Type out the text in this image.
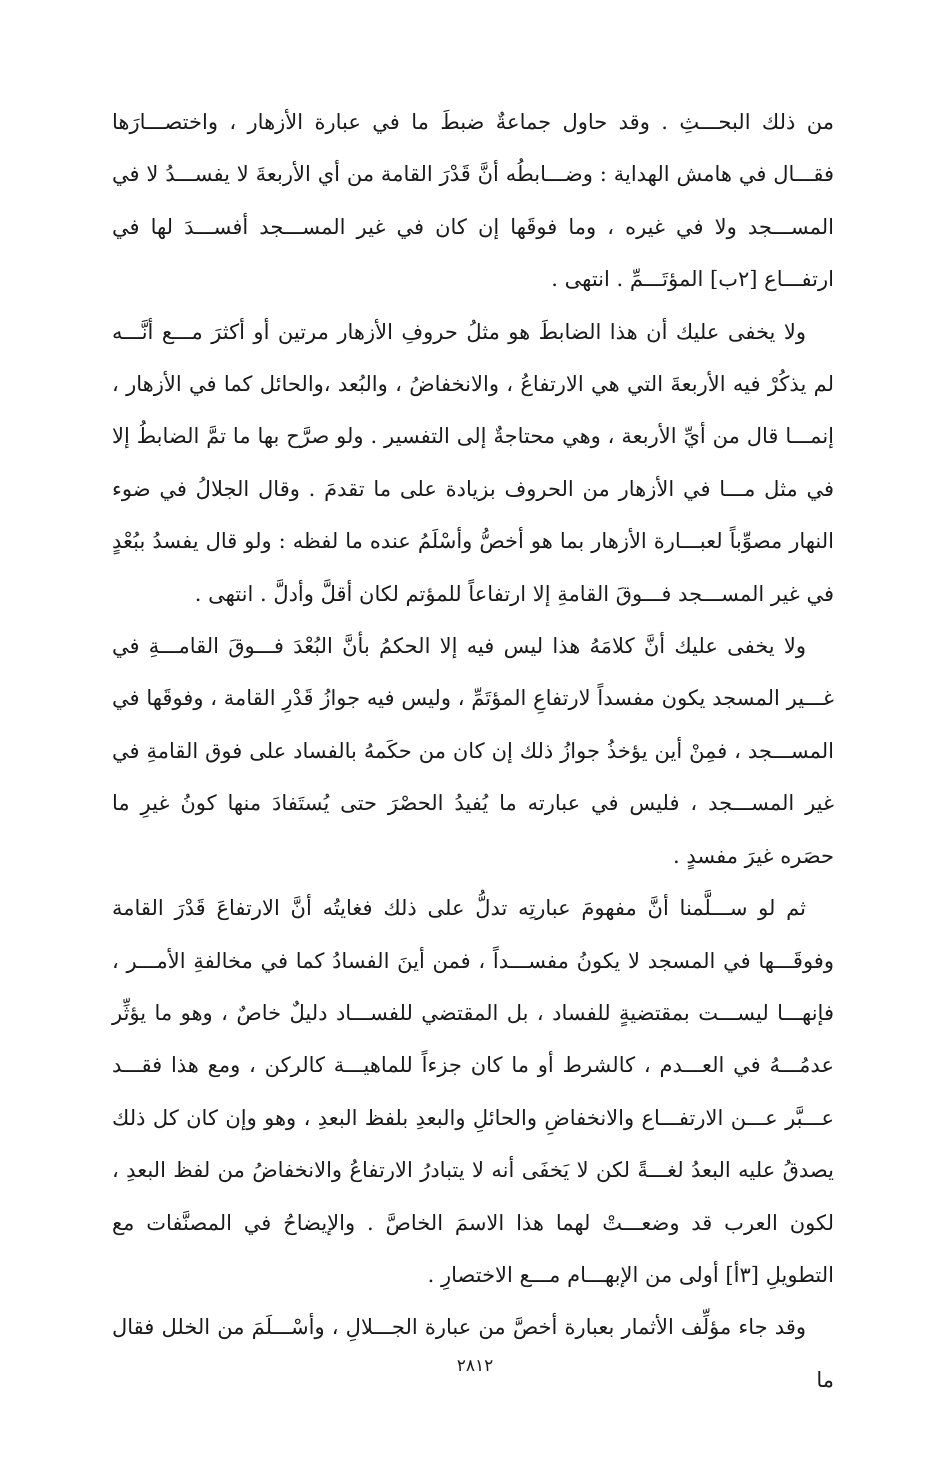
من ذلك البحـــثِ . وقد حاول جماعةٌ ضبطَ ما في عبارة الأزهار ، واختصـــارَها فقـــال في هامش الهداية : وضـــابطُه أنَّ قَدْرَ القامة من أي الأربعةَ لا يفســـدُ لا في المســـجد ولا في غيره ، وما فوقَها إن كان في غير المســـجد أفســـدَ لها في ارتفـــاع [٢ب] المؤتَـــمِّ . انتهى .

ولا يخفى عليك أن هذا الضابطَ هو مثلُ حروفِ الأزهار مرتين أو أكثرَ مـــع أنَّـــه لم يذكُرْ فيه الأربعةَ التي هي الارتفاعُ ، والانخفاضُ ، والبُعد ،والحائل كما في الأزهار ، إنمـــا قال من أيِّ الأربعة ، وهي محتاجةٌ إلى التفسير . ولو صرَّح بها ما تمَّ الضابطُ إلا في مثل مـــا في الأزهار من الحروف بزيادة على ما تقدمَ . وقال الجلالُ في ضوء النهار مصوِّباً لعبـــارة الأزهار بما هو أخصُّ وأسْلَمُ عنده ما لفظه : ولو قال يفسدُ ببُعْدٍ في غير المســـجد فـــوقَ القامةِ إلا ارتفاعاً للمؤتم لكان أقلَّ وأدلَّ . انتهى .

ولا يخفى عليك أنَّ كلامَهُ هذا ليس فيه إلا الحكمُ بأنَّ البُعْدَ فـــوقَ القامـــةِ في غـــير المسجد يكون مفسداً لارتفاعِ المؤتَمِّ ، وليس فيه جوازُ قَدْرِ القامة ، وفوقَها في المســـجد ، فمِنْ أين يؤخذُ جوازُ ذلك إن كان من حكَمهُ بالفساد على فوق القامةِ في غير المســـجد ، فليس في عبارته ما يُفيدُ الحصْرَ حتى يُستَفادَ منها كونُ غيرِ ما حصَره غيرَ مفسدٍ .

ثم لو ســـلَّمنا أنَّ مفهومَ عبارتِه تدلُّ على ذلك فغايتُه أنَّ الارتفاعَ قَدْرَ القامة وفوقَـــها في المسجد لا يكونُ مفســـداً ، فمن أينَ الفسادُ كما في مخالفةِ الأمـــر ، فإنهـــا ليســـت بمقتضيةٍ للفساد ، بل المقتضي للفســـاد دليلٌ خاصٌ ، وهو ما يؤثِّر عدمُـــهُ في العـــدم ، كالشرط أو ما كان جزءاً للماهيـــة كالركن ، ومع هذا فقـــد عـــبَّر عـــن الارتفـــاع والانخفاضِ والحائلِ والبعدِ بلفظ البعدِ ، وهو وإن كان كل ذلك يصدقُ عليه البعدُ لغـــةً لكن لا يَخفَى أنه لا يتبادرُ الارتفاعُ والانخفاضُ من لفظ البعدِ ، لكون العرب قد وضعـــتْ لهما هذا الاسمَ الخاصَّ . والإيضاحُ في المصنَّفات مع التطويلِ [٣أ] أولى من الإبهـــام مـــع الاختصارِ .

وقد جاء مؤلِّف الأثمار بعبارة أخصَّ من عبارة الجـــلالِ ، وأسْـــلَمَ من الخلل فقال ما

٢٨١٢
